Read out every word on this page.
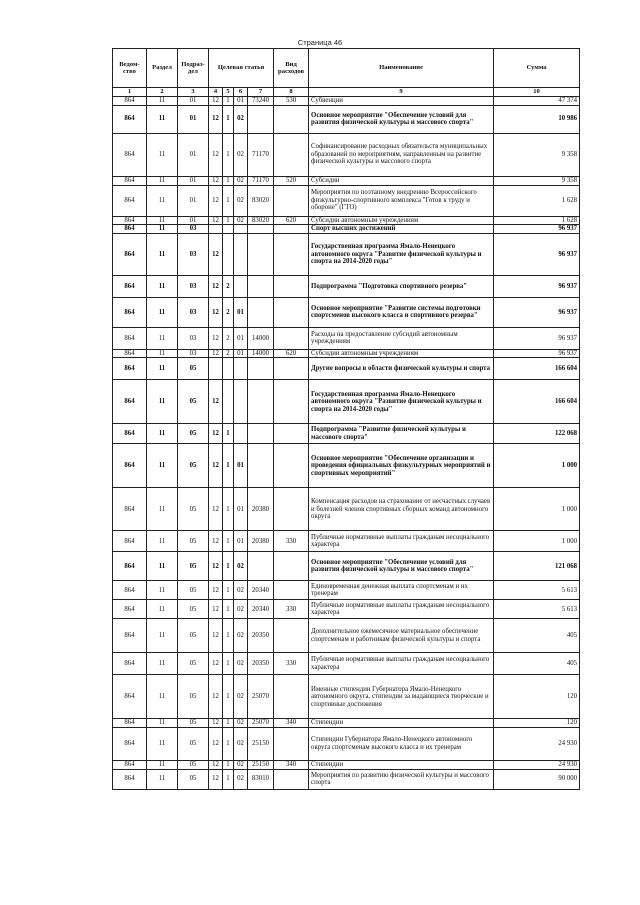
Страница 46
Ведом-ство	Раздел	Подраз-дел	Целевая статья				Вид расходов	Наименование	Сумма
1	2	3	4	5	6	7	8	9	10
864	11	01	12	1	01	73240	530	Субвенции	47 374
864	11	01	12	1	02			Основное мероприятие "Обеспечение условий для развития физической культуры и массового спорта"	10 986
864	11	01	12	1	02	71170		Софинансирование расходных обязательств муниципальных образований по мероприятиям, направленным на развитие физической культуры и массового спорта	9 358
864	11	01	12	1	02	71170	520	Субсидии	9 358
864	11	01	12	1	02	83020		Мероприятия по поэтапному внедрению Всероссийского физкультурно-спортивного комплекса "Готов к труду и обороне" (ГТО)	1 628
864	11	01	12	1	02	83020	620	Субсидии автономным учреждениям	1 628
864	11	03						Спорт высших достижений	96 937
864	11	03	12					Государственная программа Ямало-Ненецкого автономного округа "Развитие физической культуры и спорта на 2014-2020 годы"	96 937
864	11	03	12	2				Подпрограмма "Подготовка спортивного резерва"	96 937
864	11	03	12	2	01			Основное мероприятие "Развитие системы подготовки спортсменов высокого класса и спортивного резерва"	96 937
864	11	03	12	2	01	14000		Расходы на предоставление субсидий автономным учреждениям	96 937
864	11	03	12	2	01	14000	620	Субсидии автономным учреждениям	96 937
864	11	05						Другие вопросы в области физической культуры и спорта	166 604
864	11	05	12					Государственная программа Ямало-Ненецкого автономного округа "Развитие физической культуры и спорта на 2014-2020 годы"	166 604
864	11	05	12	1				Подпрограмма "Развитие физической культуры и массового спорта"	122 068
864	11	05	12	1	01			Основное мероприятие "Обеспечение организации и проведения официальных физкультурных мероприятий и спортивных мероприятий"	1 000
864	11	05	12	1	01	20380		Компенсация расходов на страхование от несчастных случаев и болезней членов спортивных сборных команд автономного округа	1 000
864	11	05	12	1	01	20380	330	Публичные нормативные выплаты гражданам несоциального характера	1 000
864	11	05	12	1	02			Основное мероприятие "Обеспечение условий для развития физической культуры и массового спорта"	121 068
864	11	05	12	1	02	20340		Единовременная денежная выплата спортсменам и их тренерам	5 613
864	11	05	12	1	02	20340	330	Публичные нормативные выплаты гражданам несоциального характера	5 613
864	11	05	12	1	02	20350		Дополнительное ежемесячное материальное обеспечение спортсменам и работникам физической культуры и спорта	405
864	11	05	12	1	02	20350	330	Публичные нормативные выплаты гражданам несоциального характера	405
864	11	05	12	1	02	25070		Именные стипендии Губернатора Ямало-Ненецкого автономного округа, стипендии за выдающиеся творческие и спортивные достижения	120
864	11	05	12	1	02	25070	340	Стипендии	120
864	11	05	12	1	02	25150		Стипендии Губернатора Ямало-Ненецкого автономного округа спортсменам высокого класса и их тренерам	24 930
864	11	05	12	1	02	25150	340	Стипендии	24 930
864	11	05	12	1	02	83010		Мероприятия по развитию физической культуры и массового спорта	90 000
